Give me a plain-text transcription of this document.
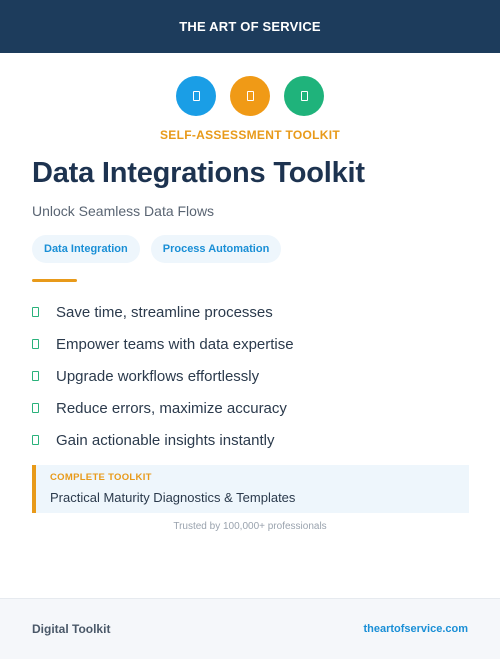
THE ART OF SERVICE
SELF-ASSESSMENT TOOLKIT
Data Integrations Toolkit
Unlock Seamless Data Flows
Data Integration	Process Automation
Save time, streamline processes
Empower teams with data expertise
Upgrade workflows effortlessly
Reduce errors, maximize accuracy
Gain actionable insights instantly
COMPLETE TOOLKIT
Practical Maturity Diagnostics & Templates
Trusted by 100,000+ professionals
Digital Toolkit	theartofservice.com
